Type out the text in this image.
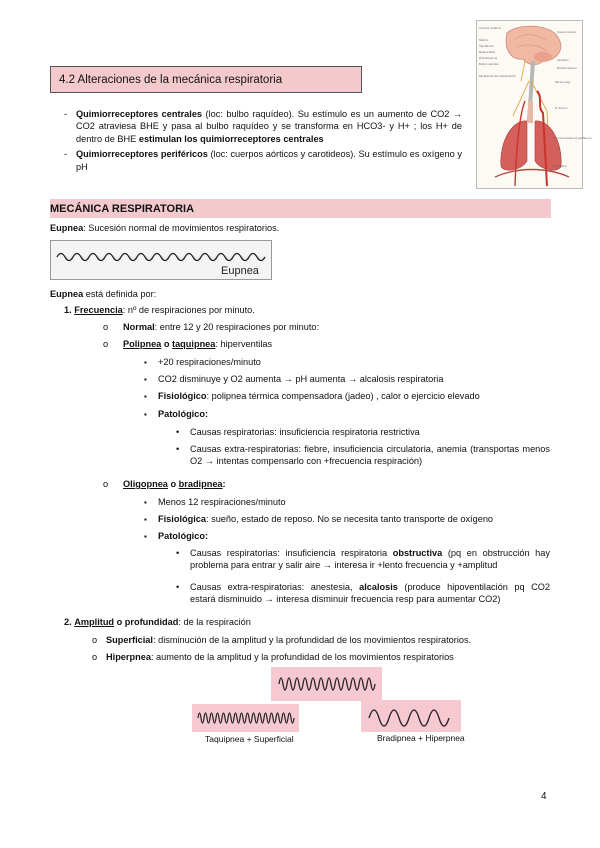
4.2 Alteraciones de la mecánica respiratoria
Corteza cerebral
Cuerpo calloso
Tálamo
Hipotálamo
Mesencéfalo
Protuberancia
Bulbo raquídeo
Receptores del estiramiento
Cerebelo
Médula espinal
Nervio vago
N. frénico
Quimiorreceptores periféricos
Diafragma
- Quimiorreceptores centrales (loc: bulbo raquídeo). Su estímulo es un aumento de CO2 → CO2 atraviesa BHE y pasa al bulbo raquídeo y se transforma en HCO3- y H+ ; los H+ de dentro de BHE estimulan los quimiorreceptores centrales
- Quimiorreceptores periféricos (loc: cuerpos aórticos y carotideos). Su estímulo es oxígeno y pH
MECÁNICA RESPIRATORIA
Eupnea: Sucesión normal de movimientos respiratorios.
Eupnea
Eupnea está definida por:
1. Frecuencia: nº de respiraciones por minuto.
o Normal: entre 12 y 20 respiraciones por minuto:
o Polipnea o taquipnea: hiperventilas
▪ +20 respiraciones/minuto
▪ CO2 disminuye y O2 aumenta → pH aumenta → alcalosis respiratoria
▪ Fisiológico: polipnea térmica compensadora (jadeo) , calor o ejercicio elevado
▪ Patológico:
• Causas respiratorias: insuficiencia respiratoria restrictiva
• Causas extra-respiratorias: fiebre, insuficiencia circulatoria, anemia (transportas menos O2 → intentas compensarlo con +frecuencia respiración)
o Oligopnea o bradipnea:
▪ Menos 12 respiraciones/minuto
▪ Fisiológica: sueño, estado de reposo. No se necesita tanto transporte de oxígeno
▪ Patológico:
• Causas respiratorias: insuficiencia respiratoria obstructiva (pq en obstrucción hay problema para entrar y salir aire → interesa ir +lento frecuencia y +amplitud
• Causas extra-respiratorias: anestesia, alcalosis (produce hipoventilación pq CO2 estará disminuido → interesa disminuir frecuencia resp para aumentar CO2)
2. Amplitud o profundidad: de la respiración
o Superficial: disminución de la amplitud y la profundidad de los movimientos respiratorios.
o Hiperpnea: aumento de la amplitud y la profundidad de los movimientos respiratorios
Taquipnea + Superficial	Bradipnea + Hiperpnea
4
